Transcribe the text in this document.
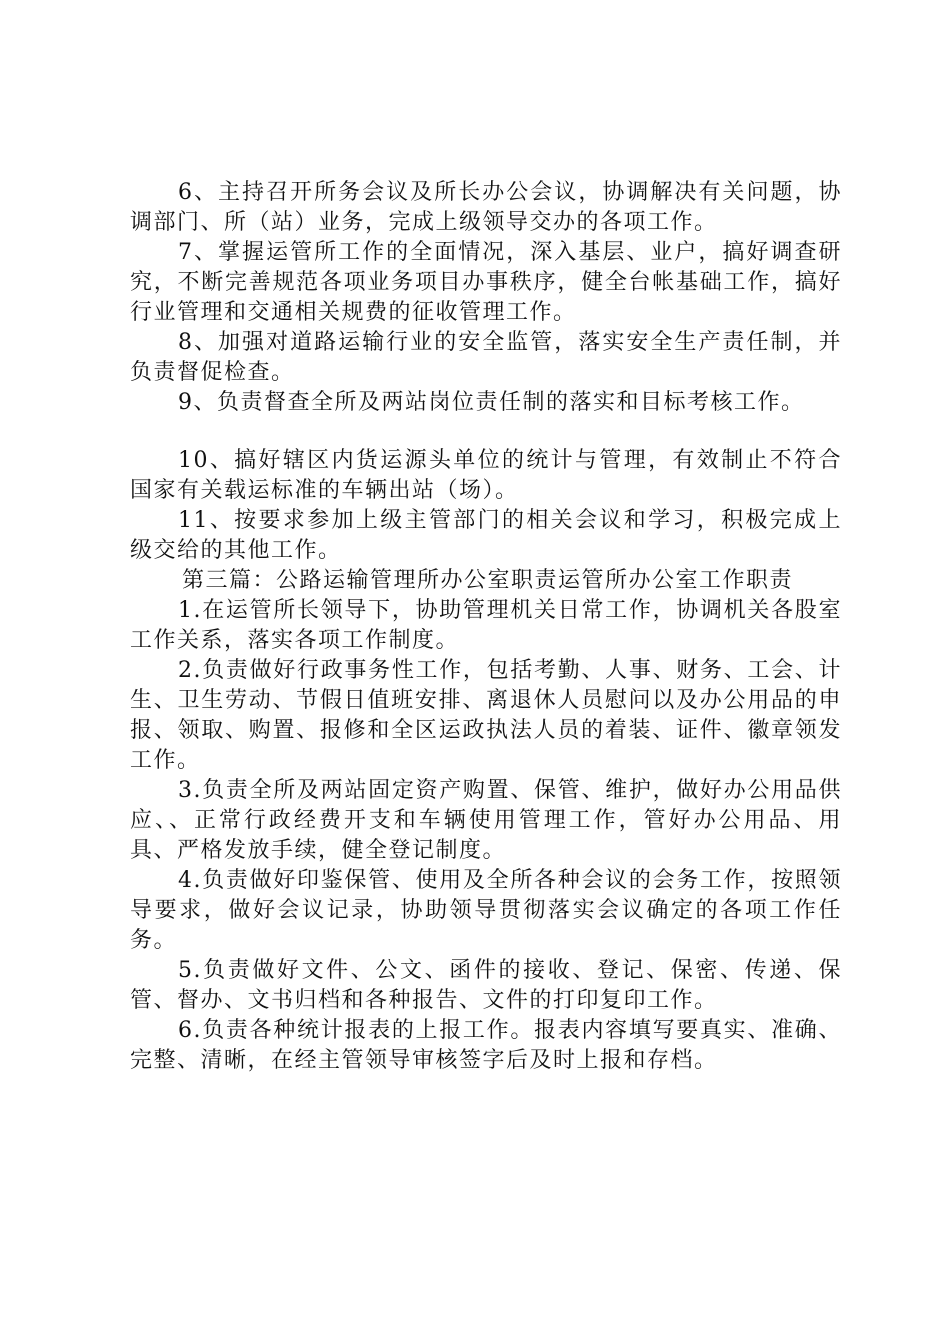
6、主持召开所务会议及所长办公会议，协调解决有关问题，协调部门、所（站）业务，完成上级领导交办的各项工作。

7、掌握运管所工作的全面情况，深入基层、业户，搞好调查研究，不断完善规范各项业务项目办事秩序，健全台帐基础工作，搞好行业管理和交通相关规费的征收管理工作。

8、加强对道路运输行业的安全监管，落实安全生产责任制，并负责督促检查。

9、负责督查全所及两站岗位责任制的落实和目标考核工作。

10、搞好辖区内货运源头单位的统计与管理，有效制止不符合国家有关载运标准的车辆出站（场）。

11、按要求参加上级主管部门的相关会议和学习，积极完成上级交给的其他工作。

第三篇：公路运输管理所办公室职责运管所办公室工作职责

1.在运管所长领导下，协助管理机关日常工作，协调机关各股室工作关系，落实各项工作制度。

2.负责做好行政事务性工作，包括考勤、人事、财务、工会、计生、卫生劳动、节假日值班安排、离退休人员慰问以及办公用品的申报、领取、购置、报修和全区运政执法人员的着装、证件、徽章领发工作。

3.负责全所及两站固定资产购置、保管、维护，做好办公用品供应、、正常行政经费开支和车辆使用管理工作，管好办公用品、用具、严格发放手续，健全登记制度。

4.负责做好印鉴保管、使用及全所各种会议的会务工作，按照领导要求，做好会议记录，协助领导贯彻落实会议确定的各项工作任务。

5.负责做好文件、公文、函件的接收、登记、保密、传递、保管、督办、文书归档和各种报告、文件的打印复印工作。

6.负责各种统计报表的上报工作。报表内容填写要真实、准确、完整、清晰，在经主管领导审核签字后及时上报和存档。
